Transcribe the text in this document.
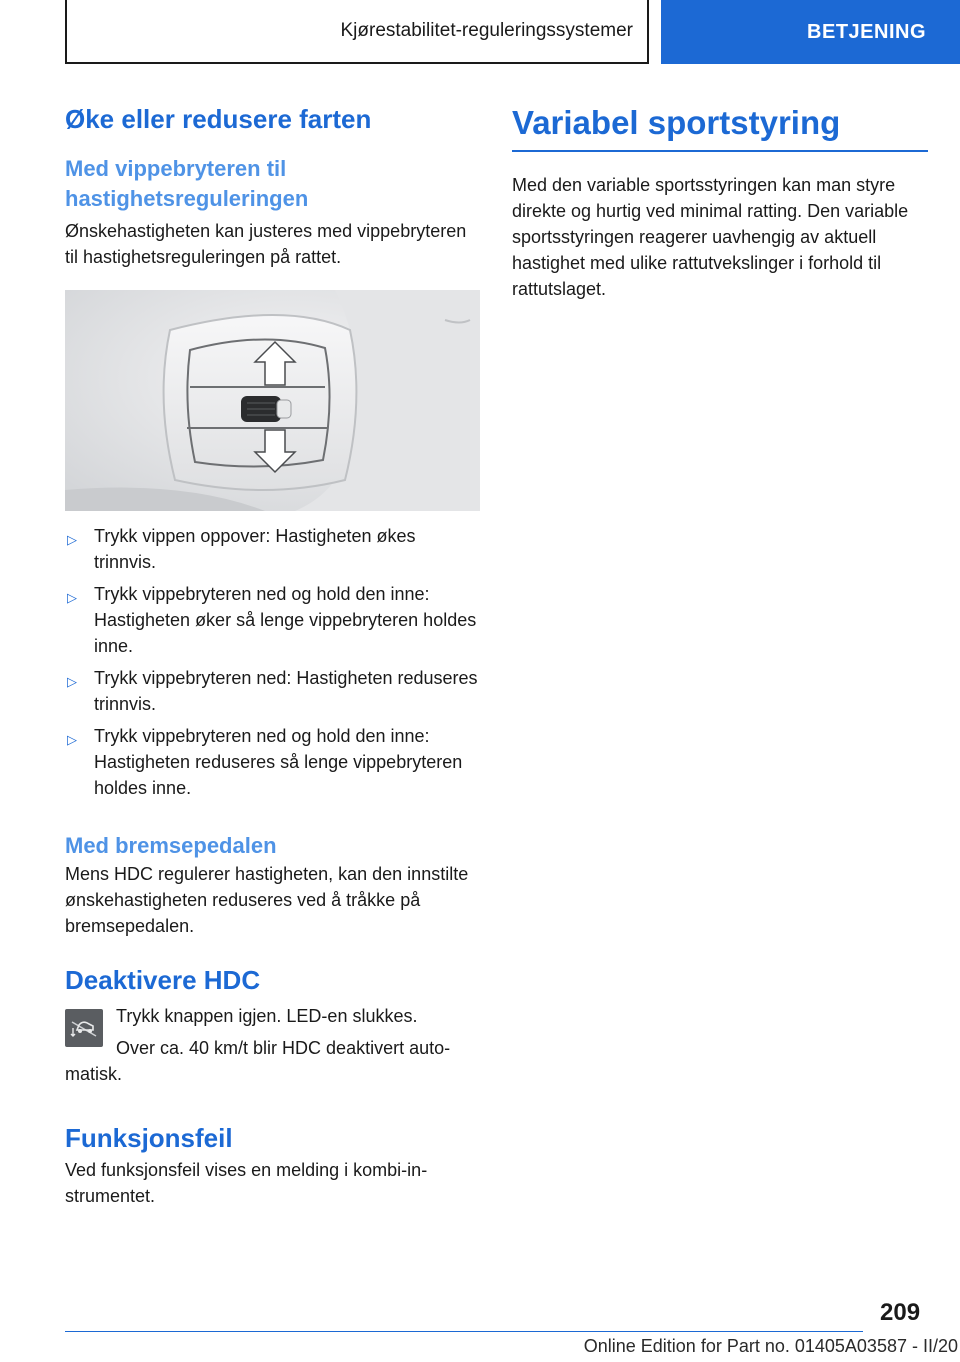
Kjørestabilitet-reguleringssystemer	BETJENING
Øke eller redusere farten
Med vippebryteren til hastighetsreguleringen
Ønskehastigheten kan justeres med vippebryteren til hastighetsreguleringen på rattet.
▷ Trykk vippen oppover: Hastigheten økes trinnvis.
▷ Trykk vippebryteren ned og hold den inne: Hastigheten øker så lenge vippebryteren holdes inne.
▷ Trykk vippebryteren ned: Hastigheten reduseres trinnvis.
▷ Trykk vippebryteren ned og hold den inne: Hastigheten reduseres så lenge vippebryteren holdes inne.
Med bremsepedalen
Mens HDC regulerer hastigheten, kan den innstilte ønskehastigheten reduseres ved å tråkke på bremsepedalen.
Deaktivere HDC
Trykk knappen igjen. LED-en slukkes.
Over ca. 40 km/t blir HDC deaktivert automatisk.
Funksjonsfeil
Ved funksjonsfeil vises en melding i kombi-instrumentet.
Variabel sportstyring
Med den variable sportsstyringen kan man styre direkte og hurtig ved minimal ratting. Den variable sportsstyringen reagerer uavhengig av aktuell hastighet med ulike rattutvekslinger i forhold til rattutslaget.
209
Online Edition for Part no. 01405A03587 - II/20
